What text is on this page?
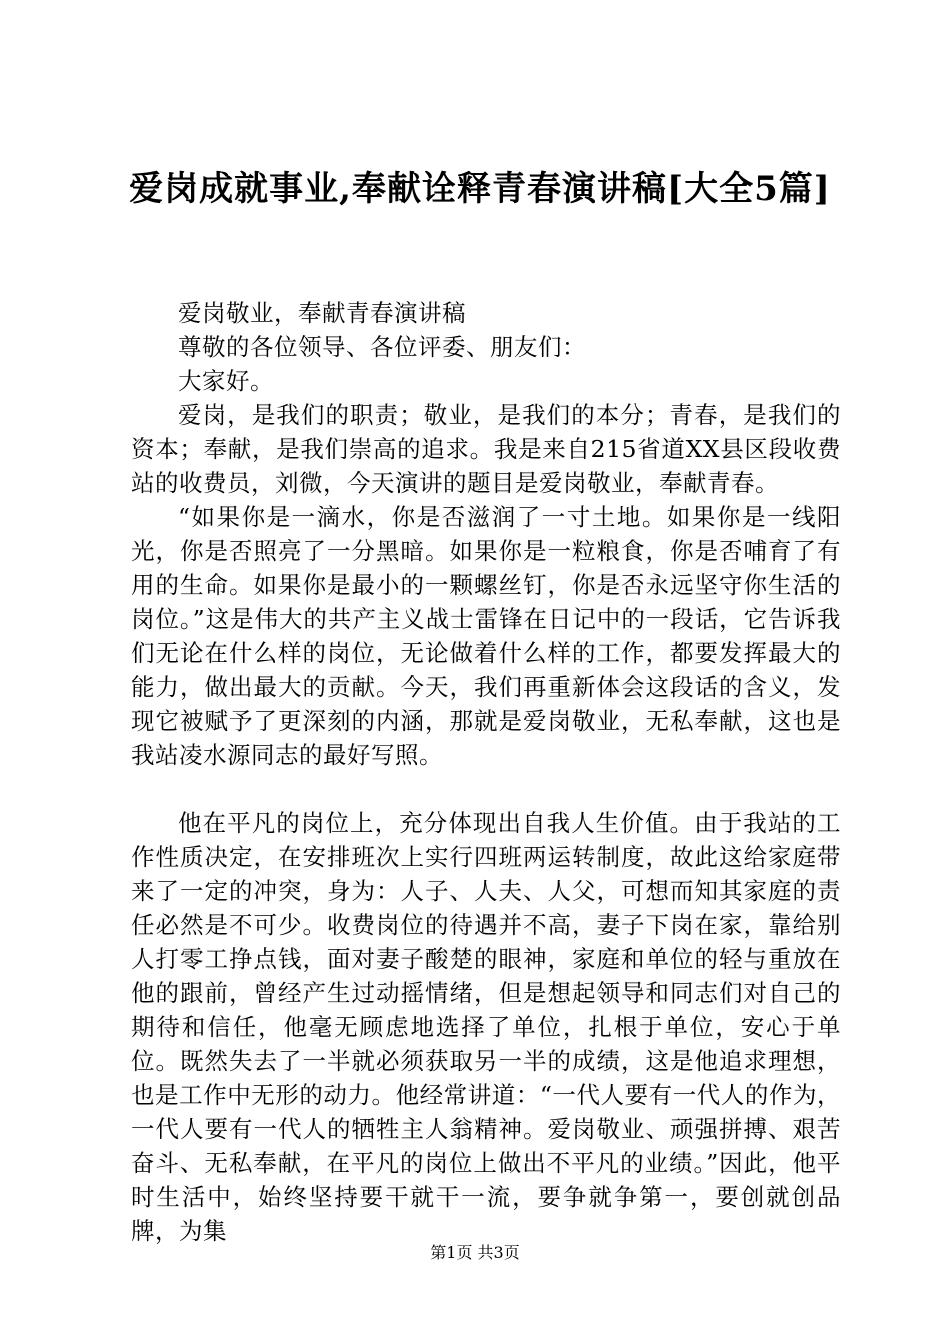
爱岗成就事业,奉献诠释青春演讲稿[大全5篇]

爱岗敬业，奉献青春演讲稿

尊敬的各位领导、各位评委、朋友们：

大家好。

爱岗，是我们的职责；敬业，是我们的本分；青春，是我们的资本；奉献，是我们崇高的追求。我是来自215省道XX县区段收费站的收费员，刘微，今天演讲的题目是爱岗敬业，奉献青春。

“如果你是一滴水，你是否滋润了一寸土地。如果你是一线阳光，你是否照亮了一分黑暗。如果你是一粒粮食，你是否哺育了有用的生命。如果你是最小的一颗螺丝钉，你是否永远坚守你生活的岗位。”这是伟大的共产主义战士雷锋在日记中的一段话，它告诉我们无论在什么样的岗位，无论做着什么样的工作，都要发挥最大的能力，做出最大的贡献。今天，我们再重新体会这段话的含义，发现它被赋予了更深刻的内涵，那就是爱岗敬业，无私奉献，这也是我站凌水源同志的最好写照。

他在平凡的岗位上，充分体现出自我人生价值。由于我站的工作性质决定，在安排班次上实行四班两运转制度，故此这给家庭带来了一定的冲突，身为：人子、人夫、人父，可想而知其家庭的责任必然是不可少。收费岗位的待遇并不高，妻子下岗在家，靠给别人打零工挣点钱，面对妻子酸楚的眼神，家庭和单位的轻与重放在他的跟前，曾经产生过动摇情绪，但是想起领导和同志们对自己的期待和信任，他毫无顾虑地选择了单位，扎根于单位，安心于单位。既然失去了一半就必须获取另一半的成绩，这是他追求理想，也是工作中无形的动力。他经常讲道：“一代人要有一代人的作为，一代人要有一代人的牺牲主人翁精神。爱岗敬业、顽强拼搏、艰苦奋斗、无私奉献，在平凡的岗位上做出不平凡的业绩。”因此，他平时生活中，始终坚持要干就干一流，要争就争第一，要创就创品牌，为集

第1页 共3页
